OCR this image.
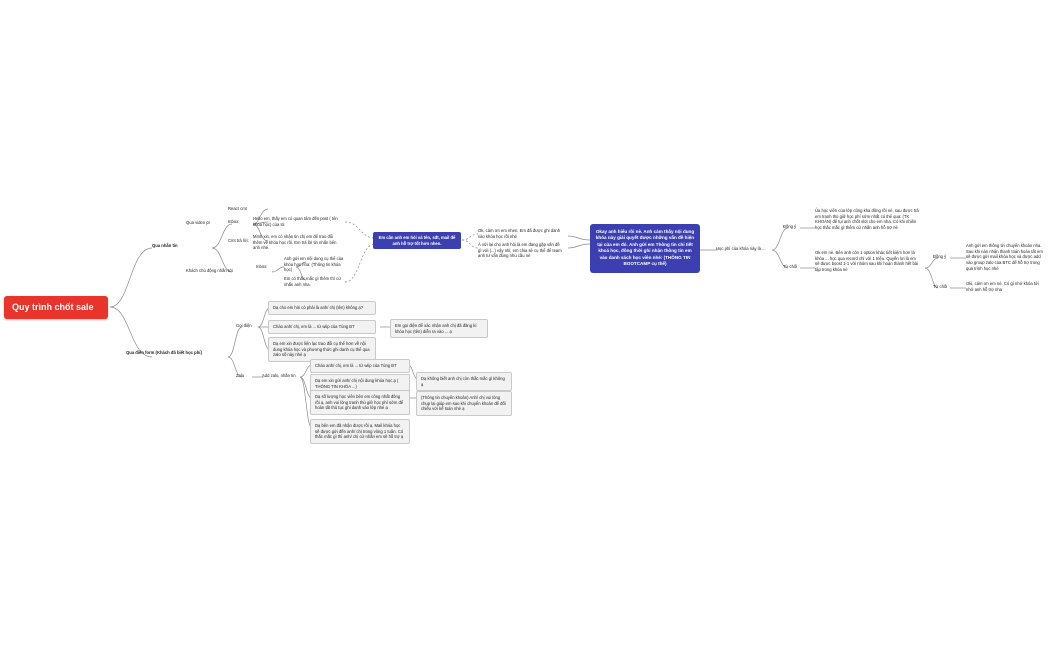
Quy trình chốt sale
Qua nhắn tin
Qua điền form (Khách đã biết học phí)
Qua video pr
Khách chủ động nhắn tới
React cmt
Inbox:
Cmt trả lời:
Hello em, thấy em có quan tâm đến post ( tên khóa học) của tớ.
Mình xin, em có nhận tin chị em để trao đổi thêm về khóa học rồi. Em trả lời tin nhắn bên anh nhé.
Inbox:
Anh gửi em nội dung cụ thể của khóa học nha: (Thông tin khóa học)
Em có thắc mắc gì thêm thì cứ nhắn anh nha.
Em cần anh em hỏi và tên, sđt, mail để anh hỗ trợ tốt hơn nhen.
Ok, cảm ơn em nhen. Em đã được ghi danh vào khóa học rồi nhé
À với lại cho anh hỏi là em đang gặp vấn đề gì với (...) vậy nhỉ, em chia sẻ cụ thể để team anh tư vấn đúng nhu cầu nè
Okay anh hiểu rồi nè. Anh cảm thấy nội dung khóa này giải quyết được những vấn đề hiện tại của em đó. Anh gửi em Thông tin chi tiết khoá học, đồng thời ghi nhận thông tin em vào danh sách học viên nhé: (THÔNG TIN BOOTCAMP cụ thể)
Học phí của khóa này là ...
Đồng ý
Từ chối
Ủa học viên của lớp cũng kha đông rồi nè, sau được trả em tranh thủ giữ học phí sớm nhất có thể qua: (TK KHOẢN) để tụi anh chốt slot cho em nha. Có khi nhiên học thắc mắc gì thêm cứ nhắn anh hỗ trợ nè
Ok em nè. Bên anh còn 1 option khác tiết kiệm hơn là khóa ... học qua record chỉ với 1 triệu. Quyền lợi là em sẽ được boost 1-1 với nhóm sau khi hoàn thành hết bài tập trong khóa nè
Đồng ý
Từ chối
Anh gửi em thông tin chuyển khoản nha. Sau khi nàn nhận thanh toán hoàn tất em sẽ được gửi mail khóa học và được add vào group zalo của BTC để hỗ trợ trong quá trình học nhé
Oki, cảm ơn em nè. Có gì nhớ khóa tới nhớ anh hỗ trợ nha
Gọi điện
Zalo	Add zalo, nhắn tin
Dạ cho em hỏi có phải là anh/ chị (tên) không ạ?
Chào anh/ chị, em là ... từ wiip của Tùng BT
Dạ em xin được liên lạc trao đổi cụ thể hơn về nội dung khóa học và phương thức ghi danh cụ thể qua zalo số này nhé ạ
Em gọi điện để xác nhận anh chị đã đăng kí khóa học (tên) diễn ra vào ... ạ
Chào anh/ chị, em là ... từ wiip của Tùng BT
Dạ em xin gửi anh/ chị nội dung khóa học ạ ( THÔNG TIN KHÓA ...)
Dạ số lượng học viên bên em công nhất đông rồi ạ, anh vui lòng tranh thủ giữ học phí sớm để hoàn tất thủ tục ghi danh vào lớp nhé ạ
Dạ bên em đã nhận được rồi ạ. Mail khóa học sẽ được gửi đến anh/ chị trong vòng 1 tuần. Có thắc mắc gì thì anh/ chị cứ nhắn em sẽ hỗ trợ ạ
Dạ không biết anh chị còn thắc mắc gì không ạ
(Thông tin chuyển khoản) Anh/ chị vui lòng chụp lại giúp em sao khi chuyển khoản để đối chiếu với kế toán nhé ạ
